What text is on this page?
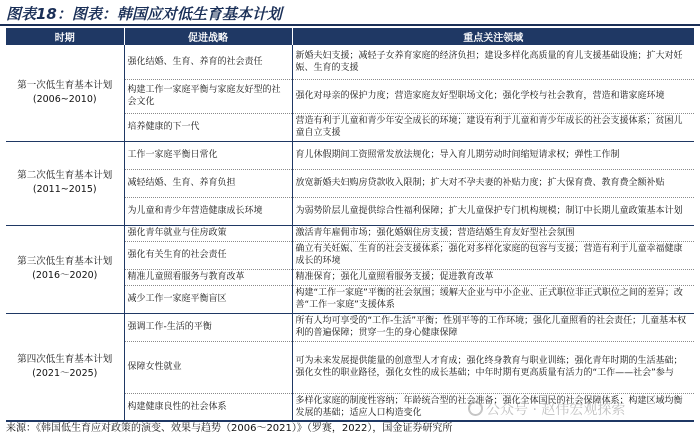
图表18：图表：韩国应对低生育基本计划
时期	促进战略	重点关注领域

第一次低生育基本计划
(2006~2010)	强化结婚、生育、养育的社会责任	新婚夫妇支援；减轻子女养育家庭的经济负担；建设多样化高质量的育儿支援基础设施；扩大对妊娠、生育的支援
	构建工作一家庭平衡与家庭友好型的社会文化	强化对母亲的保护力度；营造家庭友好型职场文化；强化学校与社会教育，营造和谐家庭环境
	培养健康的下一代	营造有利于儿童和青少年安全成长的环境；建设有利于儿童和青少年成长的社会支援体系；贫困儿童自立支援

第二次低生育基本计划
(2011~2015)	工作一家庭平衡日常化	育儿休假期间工资照常发放法规化；导入育儿期劳动时间缩短请求权；弹性工作制
	减轻结婚、生育、养育负担	放宽新婚夫妇购房贷款收入限制；扩大对不孕夫妻的补贴力度；扩大保育费、教育费全额补贴
	为儿童和青少年营造健康成长环境	为弱势阶层儿童提供综合性福利保障；扩大儿童保护专门机构规模；制订中长期儿童政策基本计划

第三次低生育基本计划
(2016～2020)	强化青年就业与住房政策	激活青年雇佣市场；强化婚姻住房支援；营造结婚生育友好型社会氛围
	强化有关生育的社会责任	确立有关妊娠、生育的社会支援体系；强化对多样化家庭的包容与支援；营造有利于儿童幸福健康成长的环境
	精准儿童照看服务与教育改革	精准保育；强化儿童照看服务支援；促进教育改革
	减少工作一家庭平衡盲区	构建“工作一家庭”平衡的社会氛围；缓解大企业与中小企业、正式职位非正式职位之间的差异；改善“工作一家庭”支援体系

第四次低生育基本计划
(2021～2025)	强调工作-生活的平衡	所有人均可享受的“工作-生活”平衡；性别平等的工作环境；强化儿童照看的社会责任；儿童基本权利的普遍保障；贯穿一生的身心健康保障
	保障女性就业	可为未来发展提供能量的创意型人才育成；强化终身教育与职业训练；强化青年时期的生活基础；强化女性的职业路径，强化女性的成长基础；中年时期有更高质量有活力的“工作——社会”参与
	构建健康良性的社会体系	多样化家庭的制度性容纳；年龄统合型的社会准备；强化全体国民的社会保障体系；构建区域均衡发展的基础；适应人口构造变化	公众号 · 赵伟宏观探索
来源：《韩国低生育应对政策的演变、效果与趋势（2006～2021）》（罗赛，2022），国金证券研究所
